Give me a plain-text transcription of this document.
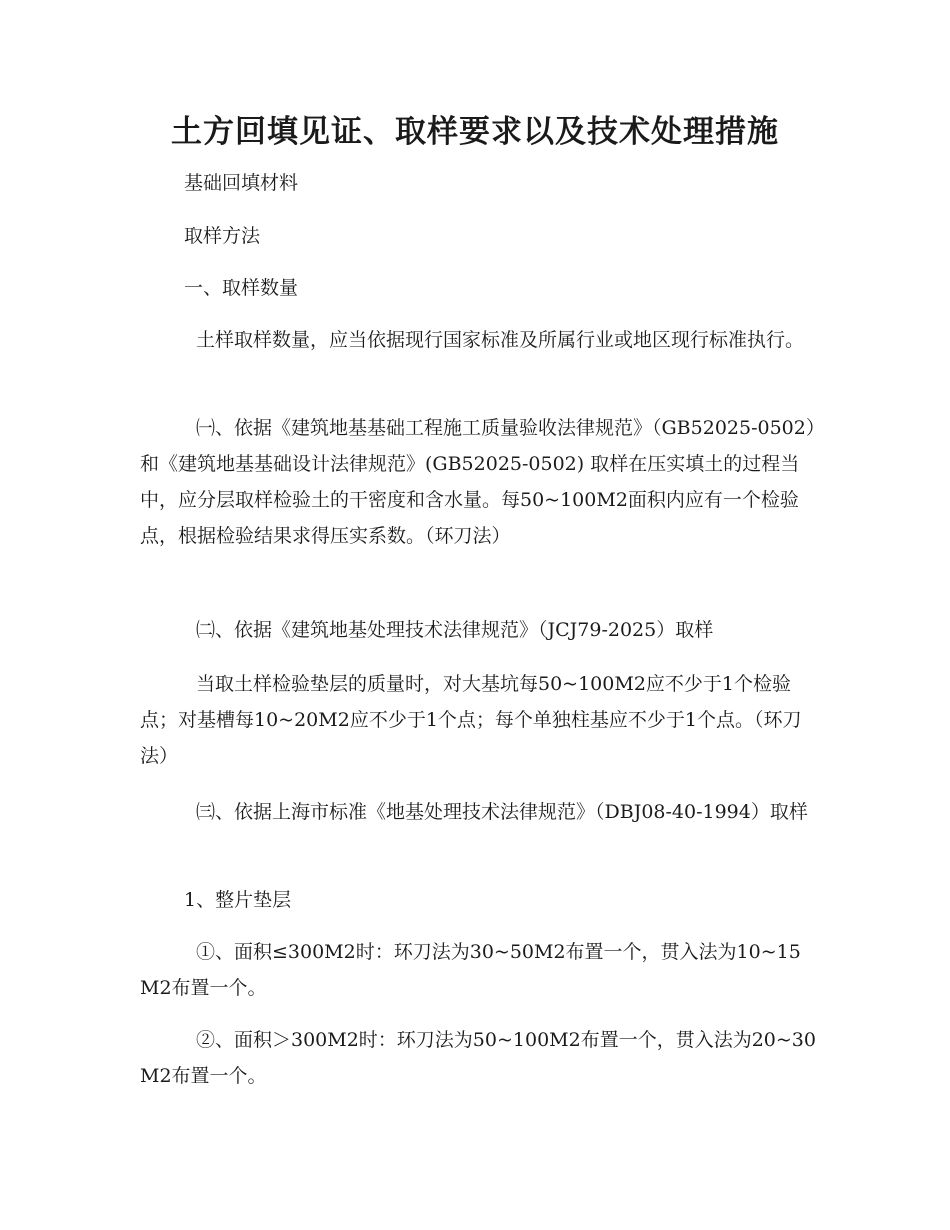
土方回填见证、取样要求以及技术处理措施
基础回填材料
取样方法
一、取样数量
土样取样数量，应当依据现行国家标准及所属行业或地区现行标准执行。
㈠、依据《建筑地基基础工程施工质量验收法律规范》（GB52025-0502）和《建筑地基基础设计法律规范》(GB52025-0502) 取样在压实填土的过程当中，应分层取样检验土的干密度和含水量。每50~100M2面积内应有一个检验点，根据检验结果求得压实系数。（环刀法）
㈡、依据《建筑地基处理技术法律规范》（JCJ79-2025）取样
当取土样检验垫层的质量时，对大基坑每50~100M2应不少于1个检验点；对基槽每10~20M2应不少于1个点；每个单独柱基应不少于1个点。（环刀法）
㈢、依据上海市标准《地基处理技术法律规范》（DBJ08-40-1994）取样
1、整片垫层
①、面积≤300M2时：环刀法为30~50M2布置一个，贯入法为10~15M2布置一个。
②、面积＞300M2时：环刀法为50~100M2布置一个，贯入法为20~30M2布置一个。
